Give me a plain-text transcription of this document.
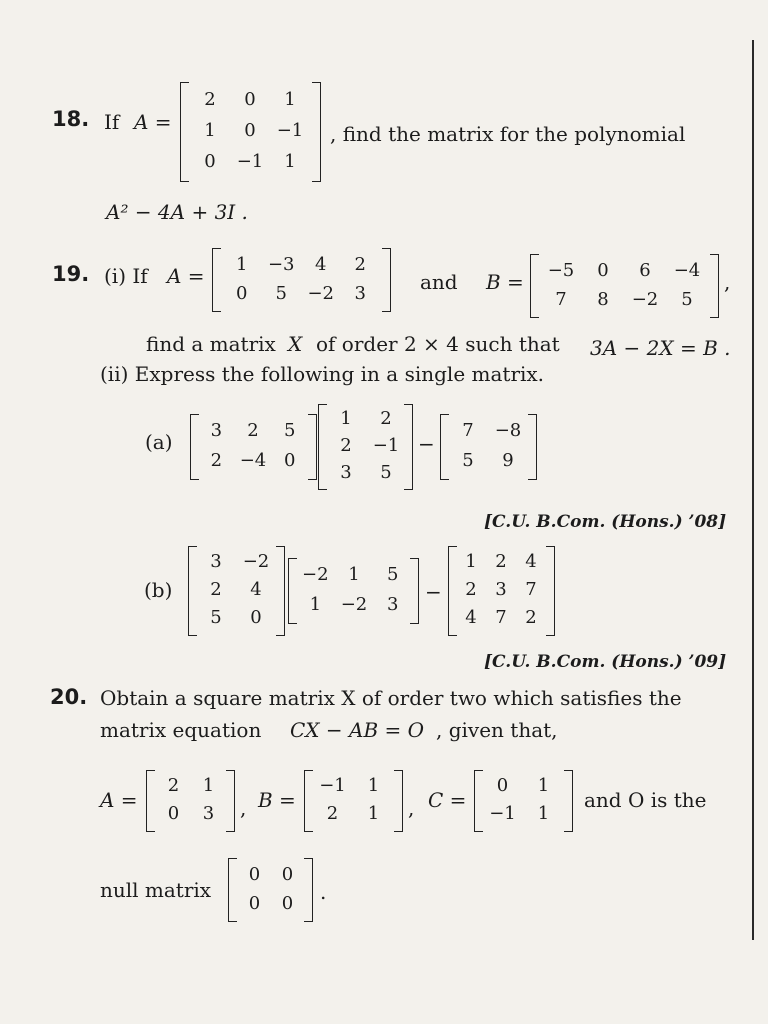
18. If A =
2 0 1
1 0 −1
0 −1 1
, find the matrix for the polynomial
A² − 4A + 3I .
19. (i) If A = 1 −3 4 2
0 5 −2 3	and B = −5 0 6 −4
7 8 −2 5
,
find a matrix X of order 2 × 4 such that 3A − 2X = B .
(ii) Express the following in a single matrix.
(a) 3 2 5
2 −4 0
1 2
2 −1
3 5
−
7 −8
5 9
[C.U. B.Com. (Hons.) ’08]
(b)
3 −2
2 4
5 0
−2 1 5
1 −2 3
−
1 2 4
2 3 7
4 7 2
[C.U. B.Com. (Hons.) ’09]
20. Obtain a square matrix X of order two which satisfies the
matrix equation CX − AB = O , given that,
A =
2 1
0 3 , B =
−1 1
2 1 , C =
0 1
−1 1
and O is the
null matrix
0 0
0 0 .
